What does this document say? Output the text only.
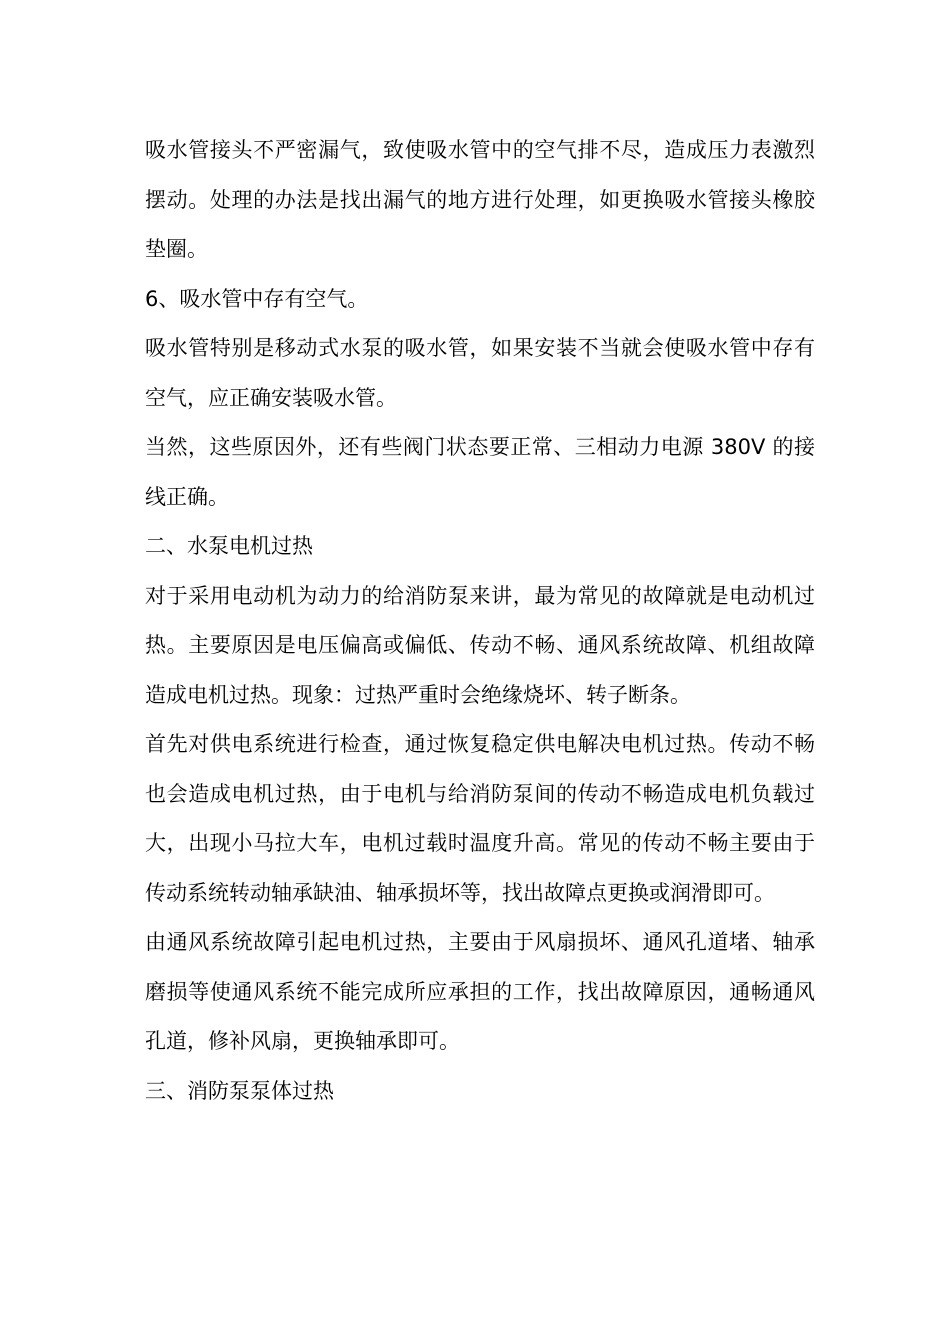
吸水管接头不严密漏气，致使吸水管中的空气排不尽，造成压力表激烈摆动。处理的办法是找出漏气的地方进行处理，如更换吸水管接头橡胶垫圈。

6、吸水管中存有空气。

吸水管特别是移动式水泵的吸水管，如果安装不当就会使吸水管中存有空气，应正确安装吸水管。

当然，这些原因外，还有些阀门状态要正常、三相动力电源 380V 的接线正确。

二、水泵电机过热

对于采用电动机为动力的给消防泵来讲，最为常见的故障就是电动机过热。主要原因是电压偏高或偏低、传动不畅、通风系统故障、机组故障造成电机过热。现象：过热严重时会绝缘烧坏、转子断条。

首先对供电系统进行检查，通过恢复稳定供电解决电机过热。传动不畅也会造成电机过热，由于电机与给消防泵间的传动不畅造成电机负载过大，出现小马拉大车，电机过载时温度升高。常见的传动不畅主要由于传动系统转动轴承缺油、轴承损坏等，找出故障点更换或润滑即可。

由通风系统故障引起电机过热，主要由于风扇损坏、通风孔道堵、轴承磨损等使通风系统不能完成所应承担的工作，找出故障原因，通畅通风孔道，修补风扇，更换轴承即可。

三、消防泵泵体过热
